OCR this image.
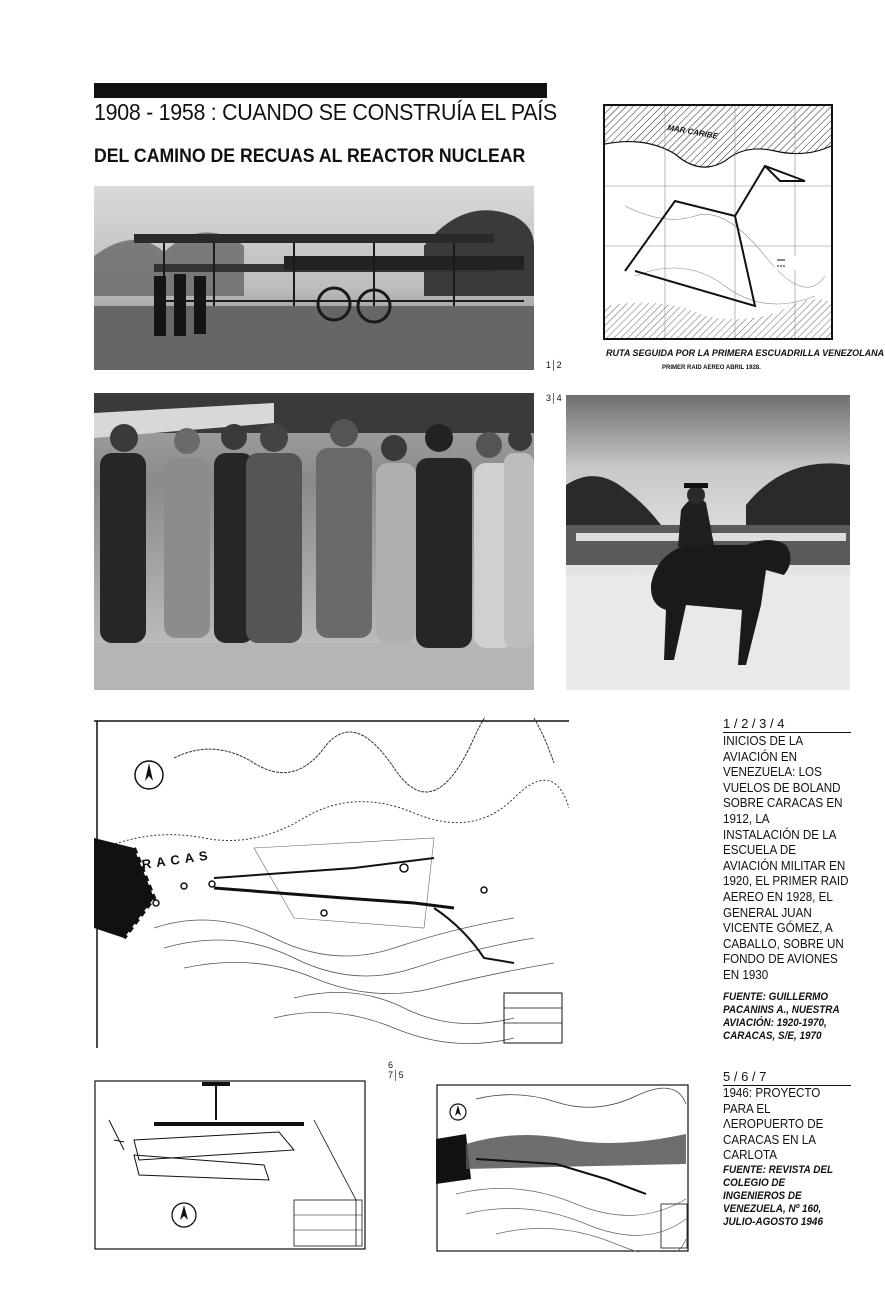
1908 - 1958 : CUANDO SE CONSTRUÍA EL PAÍS
DEL CAMINO DE RECUAS AL REACTOR NUCLEAR
1│2
MAR CARIBE
RUTA SEGUIDA POR LA PRIMERA ESCUADRILLA VENEZOLANA
PRIMER RAID AEREO ABRIL 1928.
3│4
CARACAS
1 / 2 / 3 / 4
INICIOS DE LA AVIACIÓN EN VENEZUELA: LOS VUELOS DE BOLAND SOBRE CARACAS EN 1912, LA INSTALACIÓN DE LA ESCUELA DE AVIACIÓN MILITAR EN 1920, EL PRIMER RAID AEREO EN 1928, EL GENERAL JUAN VICENTE GÓMEZ, A CABALLO, SOBRE UN FONDO DE AVIONES EN 1930
FUENTE: GUILLERMO PACANINS A., NUESTRA AVIACIÓN: 1920-1970, CARACAS, S/E, 1970
6
7│5	5 / 6 / 7
1946: PROYECTO PARA EL ΛEROPUERTO DE CARACAS EN LA CARLOTA
FUENTE: REVISTA DEL COLEGIO DE INGENIEROS DE VENEZUELA, Nº 160, JULIO-AGOSTO 1946
